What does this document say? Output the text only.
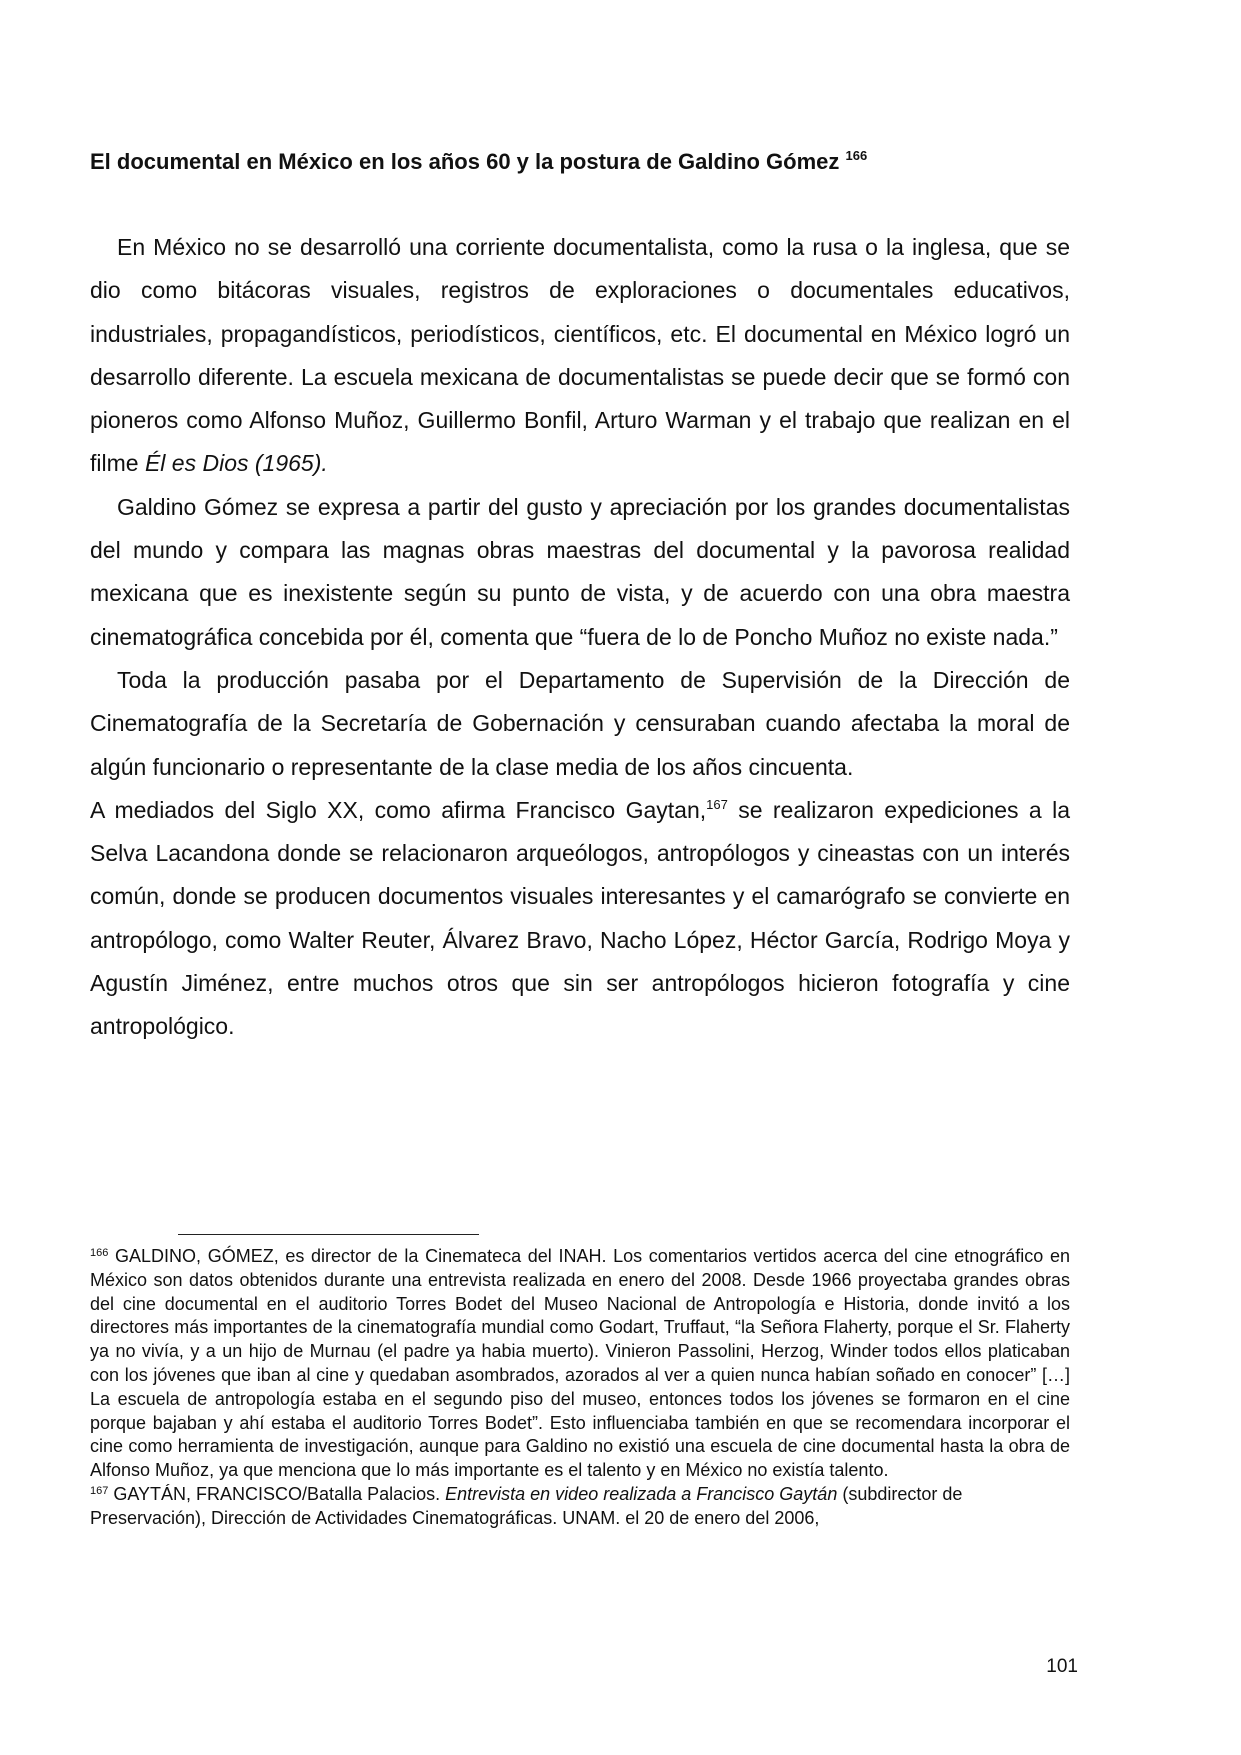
El documental en México en los años 60 y la postura de Galdino Gómez $^{166}$

En México no se desarrolló una corriente documentalista, como la rusa o la inglesa, que se dio como bitácoras visuales, registros de exploraciones o documentales educativos, industriales, propagandísticos, periodísticos, científicos, etc. El documental en México logró un desarrollo diferente. La escuela mexicana de documentalistas se puede decir que se formó con pioneros como Alfonso Muñoz, Guillermo Bonfil, Arturo Warman y el trabajo que realizan en el filme Él es Dios (1965).

Galdino Gómez se expresa a partir del gusto y apreciación por los grandes documentalistas del mundo y compara las magnas obras maestras del documental y la pavorosa realidad mexicana que es inexistente según su punto de vista, y de acuerdo con una obra maestra cinematográfica concebida por él, comenta que “fuera de lo de Poncho Muñoz no existe nada.”

Toda la producción pasaba por el Departamento de Supervisión de la Dirección de Cinematografía de la Secretaría de Gobernación y censuraban cuando afectaba la moral de algún funcionario o representante de la clase media de los años cincuenta.

A mediados del Siglo XX, como afirma Francisco Gaytan,$^{167}$ se realizaron expediciones a la Selva Lacandona donde se relacionaron arqueólogos, antropólogos y cineastas con un interés común, donde se producen documentos visuales interesantes y el camarógrafo se convierte en antropólogo, como Walter Reuter, Álvarez Bravo, Nacho López, Héctor García, Rodrigo Moya y Agustín Jiménez, entre muchos otros que sin ser antropólogos hicieron fotografía y cine antropológico.

$^{166}$ GALDINO, GÓMEZ, es director de la Cinemateca del INAH. Los comentarios vertidos acerca del cine etnográfico en México son datos obtenidos durante una entrevista realizada en enero del 2008. Desde 1966 proyectaba grandes obras del cine documental en el auditorio Torres Bodet del Museo Nacional de Antropología e Historia, donde invitó a los directores más importantes de la cinematografía mundial como Godart, Truffaut, “la Señora Flaherty, porque el Sr. Flaherty ya no vivía, y a un hijo de Murnau (el padre ya habia muerto). Vinieron Passolini, Herzog, Winder todos ellos platicaban con los jóvenes que iban al cine y quedaban asombrados, azorados al ver a quien nunca habían soñado en conocer” […] La escuela de antropología estaba en el segundo piso del museo, entonces todos los jóvenes se formaron en el cine porque bajaban y ahí estaba el auditorio Torres Bodet”. Esto influenciaba también en que se recomendara incorporar el cine como herramienta de investigación, aunque para Galdino no existió una escuela de cine documental hasta la obra de Alfonso Muñoz, ya que menciona que lo más importante es el talento y en México no existía talento.

$^{167}$ GAYTÁN, FRANCISCO/Batalla Palacios. Entrevista en video realizada a Francisco Gaytán (subdirector de Preservación), Dirección de Actividades Cinematográficas. UNAM. el 20 de enero del 2006,

101
